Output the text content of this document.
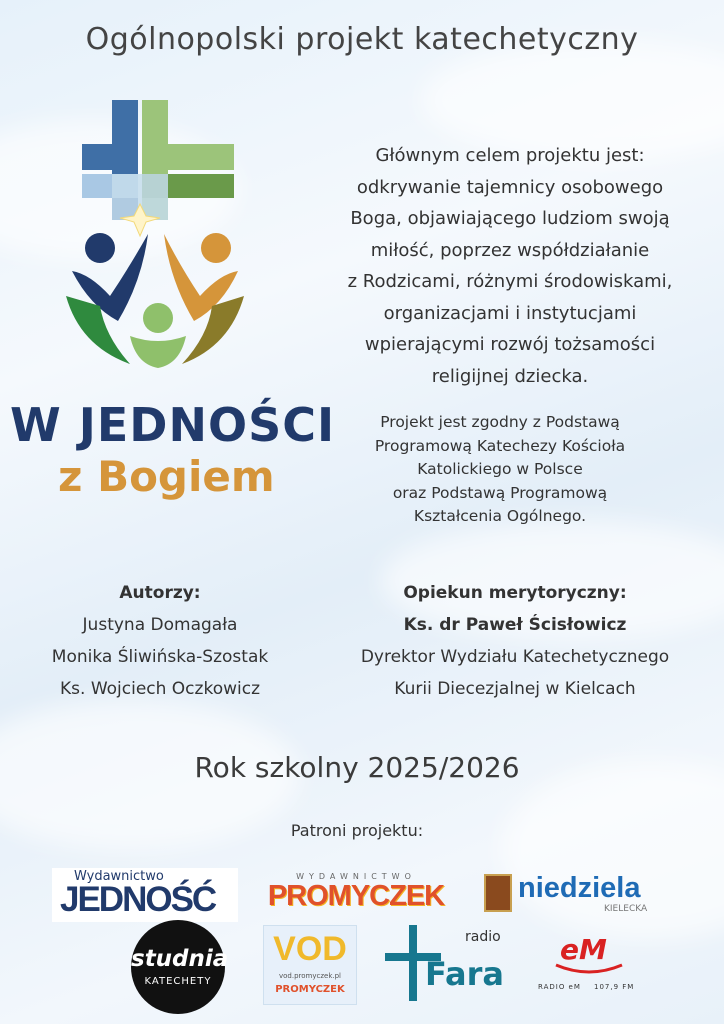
Ogólnopolski projekt katechetyczny
W JEDNOŚCI
z Bogiem
Głównym celem projektu jest:
odkrywanie tajemnicy osobowego
Boga, objawiającego ludziom swoją
miłość, poprzez współdziałanie
z Rodzicami, różnymi środowiskami,
organizacjami i instytucjami
wpierającymi rozwój tożsamości
religijnej dziecka.
Projekt jest zgodny z Podstawą
Programową Katechezy Kościoła
Katolickiego w Polsce
oraz Podstawą Programową
Kształcenia Ogólnego.
Autorzy:
Justyna Domagała
Monika Śliwińska-Szostak
Ks. Wojciech Oczkowicz
Opiekun merytoryczny:
Ks. dr Paweł Ścisłowicz
Dyrektor Wydziału Katechetycznego
Kurii Diecezjalnej w Kielcach
Rok szkolny 2025/2026
Patroni projektu:
Wydawnictwo
JEDNOŚĆ
WYDAWNICTWO
PROMYCZEK	niedziela
KIELECKA
studnia
KATECHETY
VOD
vod.promyczek.pl
PROMYCZEK
radio
Fara
eM
RADIO eM 107,9 FM
